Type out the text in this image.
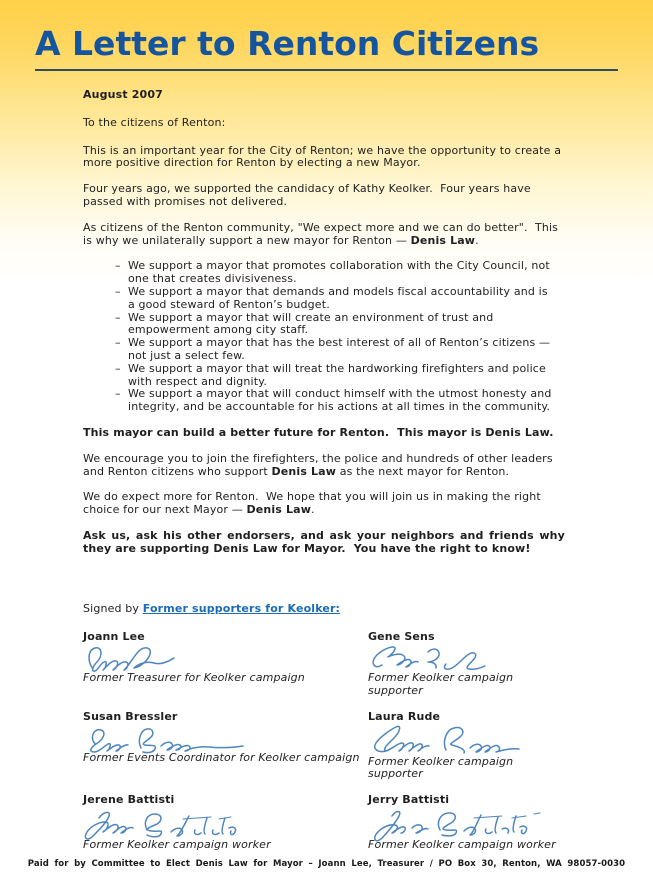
A Letter to Renton Citizens

August 2007

To the citizens of Renton:

This is an important year for the City of Renton; we have the opportunity to create a more positive direction for Renton by electing a new Mayor.

Four years ago, we supported the candidacy of Kathy Keolker.  Four years have passed with promises not delivered.

As citizens of the Renton community, "We expect more and we can do better".  This is why we unilaterally support a new mayor for Renton — Denis Law.

– We support a mayor that promotes collaboration with the City Council, not one that creates divisiveness.
– We support a mayor that demands and models fiscal accountability and is a good steward of Renton’s budget.
– We support a mayor that will create an environment of trust and empowerment among city staff.
– We support a mayor that has the best interest of all of Renton’s citizens — not just a select few.
– We support a mayor that will treat the hardworking firefighters and police with respect and dignity.
– We support a mayor that will conduct himself with the utmost honesty and integrity, and be accountable for his actions at all times in the community.

This mayor can build a better future for Renton.  This mayor is Denis Law.

We encourage you to join the firefighters, the police and hundreds of other leaders and Renton citizens who support Denis Law as the next mayor for Renton.

We do expect more for Renton.  We hope that you will join us in making the right choice for our next Mayor — Denis Law.

Ask us, ask his other endorsers, and ask your neighbors and friends why they are supporting Denis Law for Mayor.  You have the right to know!

Signed by Former supporters for Keolker:

Joann Lee

Former Treasurer for Keolker campaign

Gene Sens

Former Keolker campaign supporter

Susan Bressler

Former Events Coordinator for Keolker campaign

Laura Rude

Former Keolker campaign supporter

Jerene Battisti

Former Keolker campaign worker

Jerry Battisti

Former Keolker campaign worker

Paid for by Committee to Elect Denis Law for Mayor – Joann Lee, Treasurer / PO Box 30, Renton, WA 98057-0030
